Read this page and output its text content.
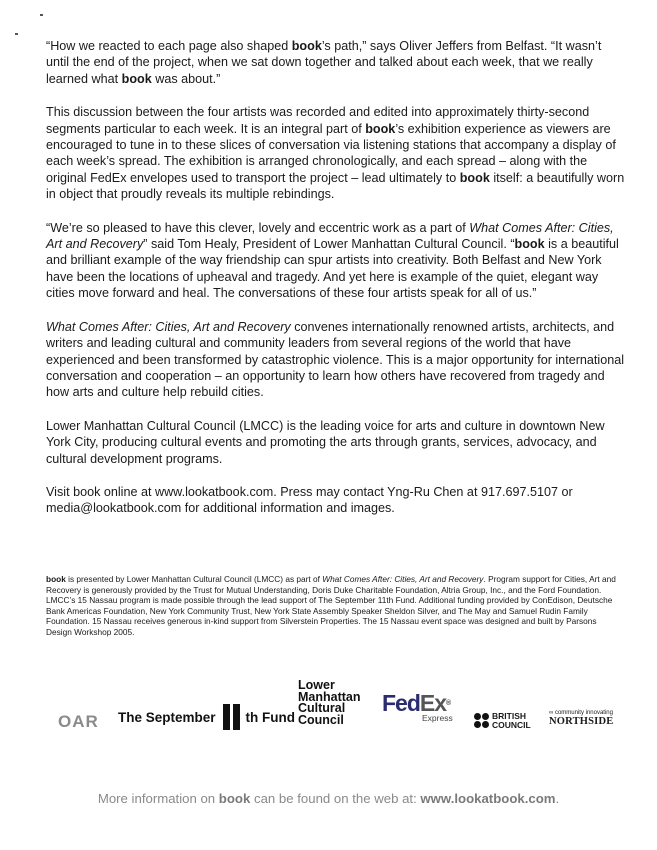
“How we reacted to each page also shaped book’s path,” says Oliver Jeffers from Belfast. “It wasn’t until the end of the project, when we sat down together and talked about each week, that we really learned what book was about.”

This discussion between the four artists was recorded and edited into approximately thirty-second segments particular to each week. It is an integral part of book’s exhibition experience as viewers are encouraged to tune in to these slices of conversation via listening stations that accompany a display of each week’s spread. The exhibition is arranged chronologically, and each spread – along with the original FedEx envelopes used to transport the project – lead ultimately to book itself: a beautifully worn in object that proudly reveals its multiple rebindings.

“We’re so pleased to have this clever, lovely and eccentric work as a part of What Comes After: Cities, Art and Recovery” said Tom Healy, President of Lower Manhattan Cultural Council. “book is a beautiful and brilliant example of the way friendship can spur artists into creativity. Both Belfast and New York have been the locations of upheaval and tragedy. And yet here is example of the quiet, elegant way cities move forward and heal. The conversations of these four artists speak for all of us.”

What Comes After: Cities, Art and Recovery convenes internationally renowned artists, architects, and writers and leading cultural and community leaders from several regions of the world that have experienced and been transformed by catastrophic violence. This is a major opportunity for international conversation and cooperation – an opportunity to learn how others have recovered from tragedy and how arts and culture help rebuild cities.

Lower Manhattan Cultural Council (LMCC) is the leading voice for arts and culture in downtown New York City, producing cultural events and promoting the arts through grants, services, advocacy, and cultural development programs.

Visit book online at www.lookatbook.com. Press may contact Yng-Ru Chen at 917.697.5107 or media@lookatbook.com for additional information and images.

book is presented by Lower Manhattan Cultural Council (LMCC) as part of What Comes After: Cities, Art and Recovery. Program support for Cities, Art and Recovery is generously provided by the Trust for Mutual Understanding, Doris Duke Charitable Foundation, Altria Group, Inc., and the Ford Foundation. LMCC’s 15 Nassau program is made possible through the lead support of The September 11th Fund. Additional funding provided by ConEdison, Deutsche Bank Americas Foundation, New York Community Trust, New York State Assembly Speaker Sheldon Silver, and The May and Samuel Rudin Family Foundation. 15 Nassau receives generous in-kind support from Silverstein Properties. The 15 Nassau event space was designed and built by Parsons Design Workshop 2005.

OAR The September th Fund
Lower
Manhattan
Cultural
Council
FedEx®
Express	BRITISH
COUNCIL
∞ community innovating
NORTHSIDE
More information on book can be found on the web at: www.lookatbook.com.
